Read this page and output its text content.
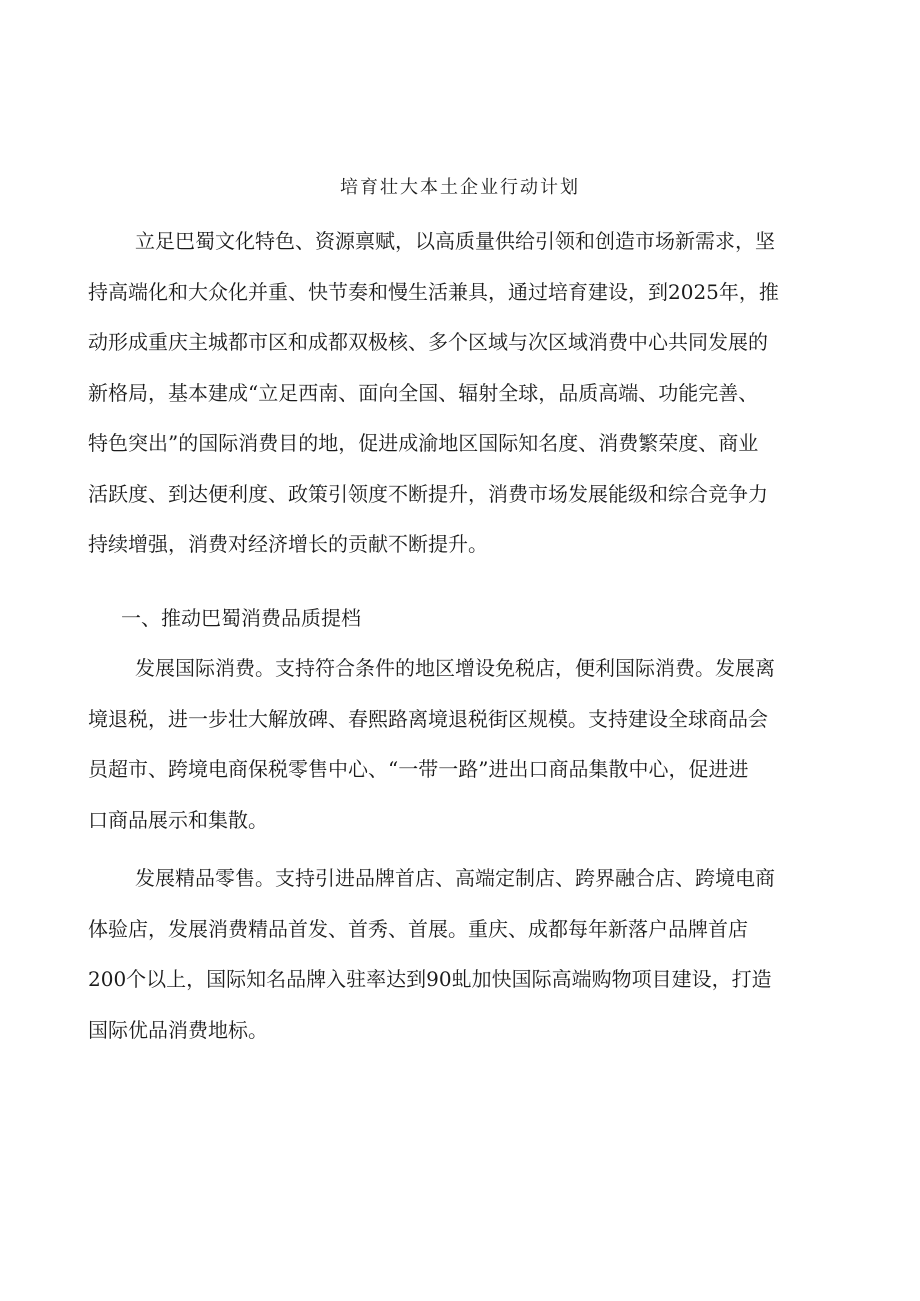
培育壮大本土企业行动计划
立足巴蜀文化特色、资源禀赋，以高质量供给引领和创造市场新需求，坚
持高端化和大众化并重、快节奏和慢生活兼具，通过培育建设，到2025年，推
动形成重庆主城都市区和成都双极核、多个区域与次区域消费中心共同发展的
新格局，基本建成“立足西南、面向全国、辐射全球，品质高端、功能完善、
特色突出”的国际消费目的地，促进成渝地区国际知名度、消费繁荣度、商业
活跃度、到达便利度、政策引领度不断提升，消费市场发展能级和综合竞争力
持续增强，消费对经济增长的贡献不断提升。
一、推动巴蜀消费品质提档
发展国际消费。支持符合条件的地区增设免税店，便利国际消费。发展离
境退税，进一步壮大解放碑、春熙路离境退税街区规模。支持建设全球商品会
员超市、跨境电商保税零售中心、“一带一路”进出口商品集散中心，促进进
口商品展示和集散。
发展精品零售。支持引进品牌首店、高端定制店、跨界融合店、跨境电商
体验店，发展消费精品首发、首秀、首展。重庆、成都每年新落户品牌首店
200个以上，国际知名品牌入驻率达到90虬加快国际高端购物项目建设，打造
国际优品消费地标。
